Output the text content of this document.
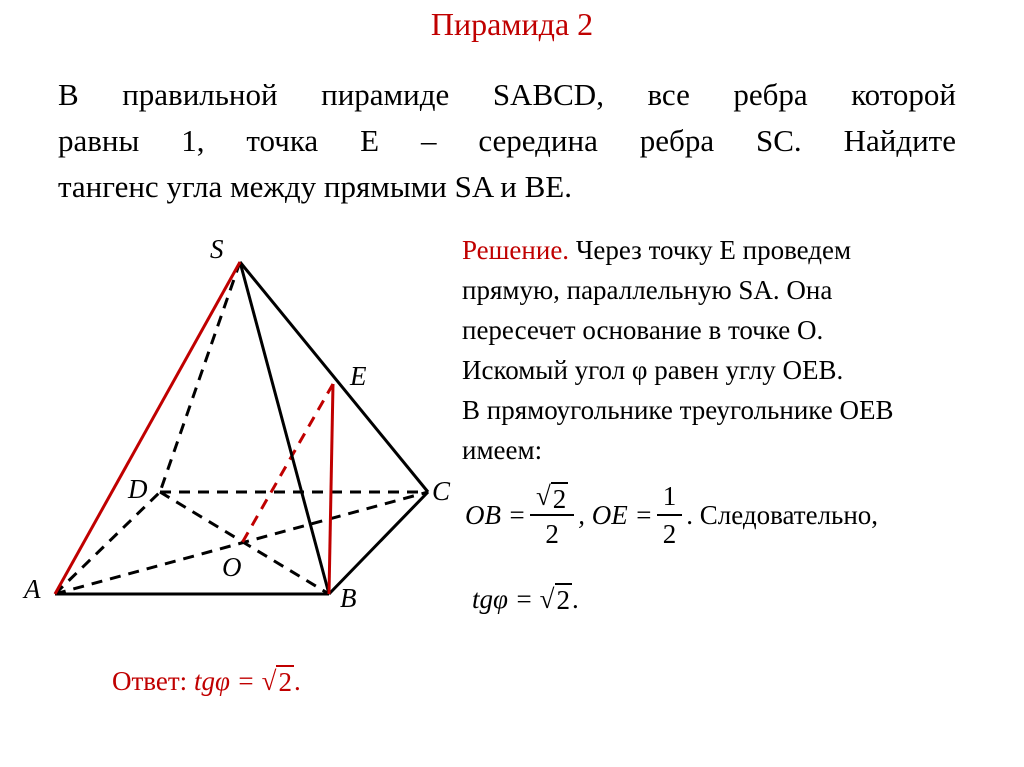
Пирамида 2

В правильной пирамиде SABCD, все ребра которой

равны 1, точка E – середина ребра SC. Найдите

тангенс угла между прямыми SA и BE.

S
E
D	C
O
A	B

Решение. Через точку E проведем

прямую, параллельную SA. Она

пересечет основание в точке O.

Искомый угол φ равен углу OEB.

В прямоугольнике треугольнике OEB

имеем:

OB = $\frac{√ 2}{2}$ , OE = $\frac{1}{2}$ . Следовательно,
tgφ = √ 2 .
Ответ: tgφ = √ 2 .
